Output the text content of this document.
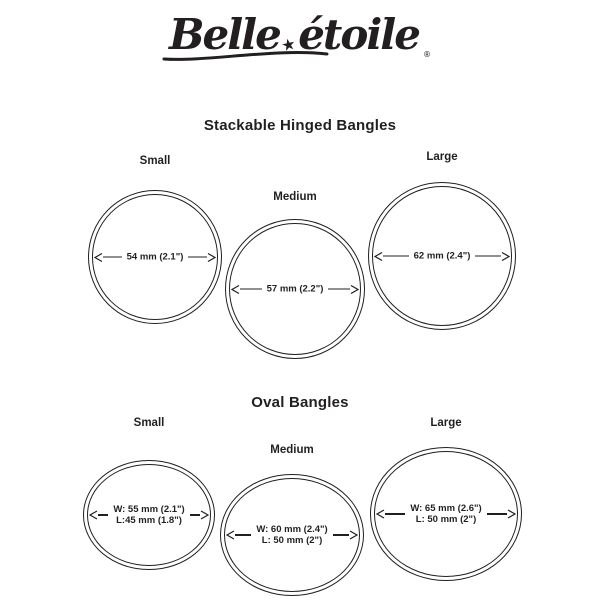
Belle ★ étoile ®
Stackable Hinged Bangles
Small
54 mm (2.1")
Medium
57 mm (2.2")
Large
62 mm (2.4")
Oval Bangles
Small
W: 55 mm (2.1")
L:45 mm (1.8")
Medium
W: 60 mm (2.4")
L: 50 mm (2")
Large
W: 65 mm (2.6")
L: 50 mm (2")
